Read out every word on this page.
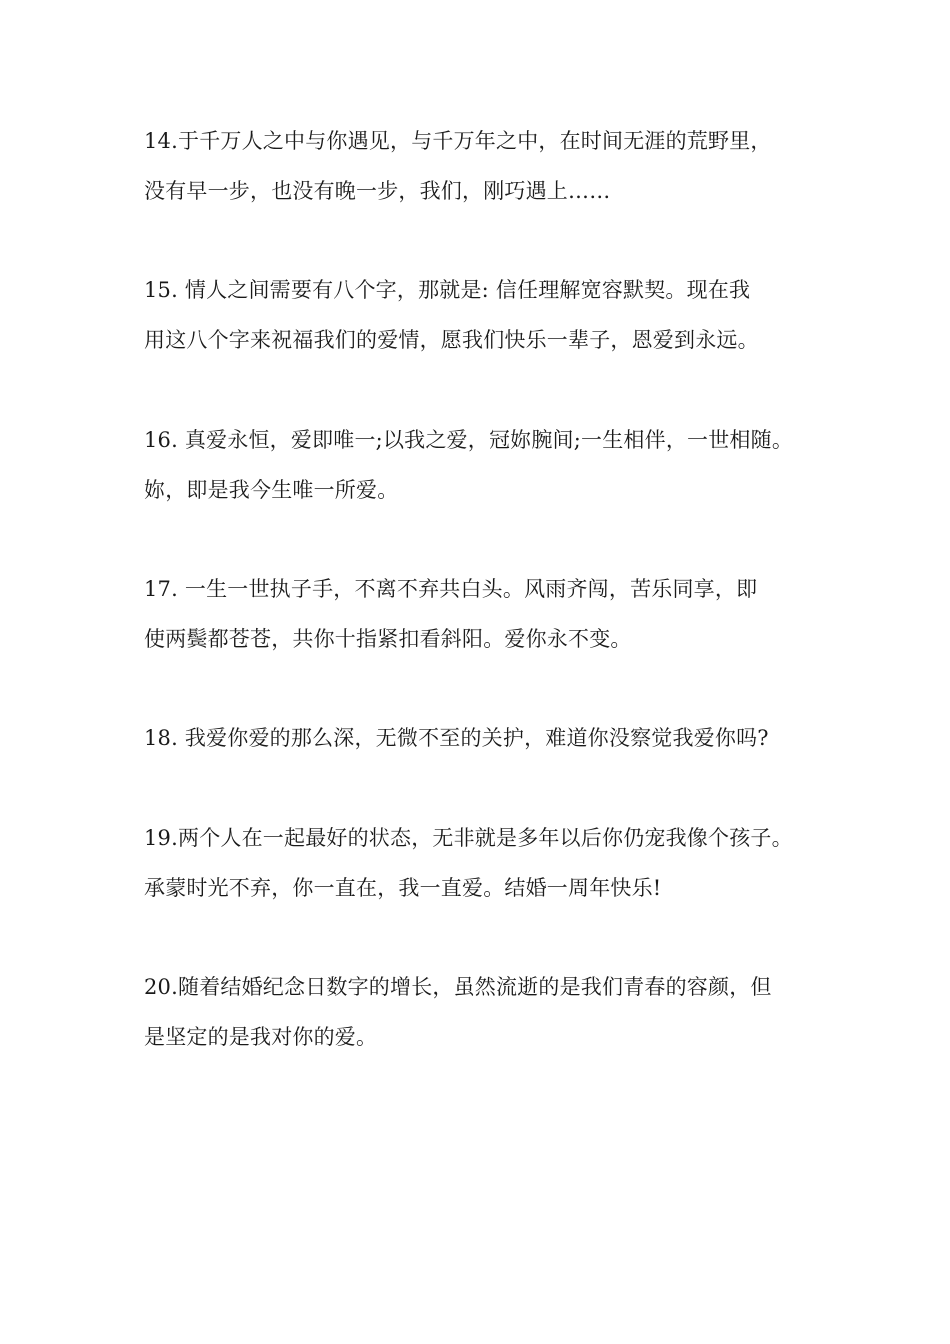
14.于千万人之中与你遇见，与千万年之中，在时间无涯的荒野里，
没有早一步，也没有晚一步，我们，刚巧遇上……
15. 情人之间需要有八个字，那就是: 信任理解宽容默契。现在我
用这八个字来祝福我们的爱情，愿我们快乐一辈子，恩爱到永远。
16. 真爱永恒，爱即唯一;以我之爱，冠妳腕间;一生相伴，一世相随。
妳，即是我今生唯一所爱。
17. 一生一世执子手，不离不弃共白头。风雨齐闯，苦乐同享，即
使两鬓都苍苍，共你十指紧扣看斜阳。爱你永不变。
18. 我爱你爱的那么深，无微不至的关护，难道你没察觉我爱你吗?
19.两个人在一起最好的状态，无非就是多年以后你仍宠我像个孩子。
承蒙时光不弃，你一直在，我一直爱。结婚一周年快乐!
20.随着结婚纪念日数字的增长，虽然流逝的是我们青春的容颜，但
是坚定的是我对你的爱。
